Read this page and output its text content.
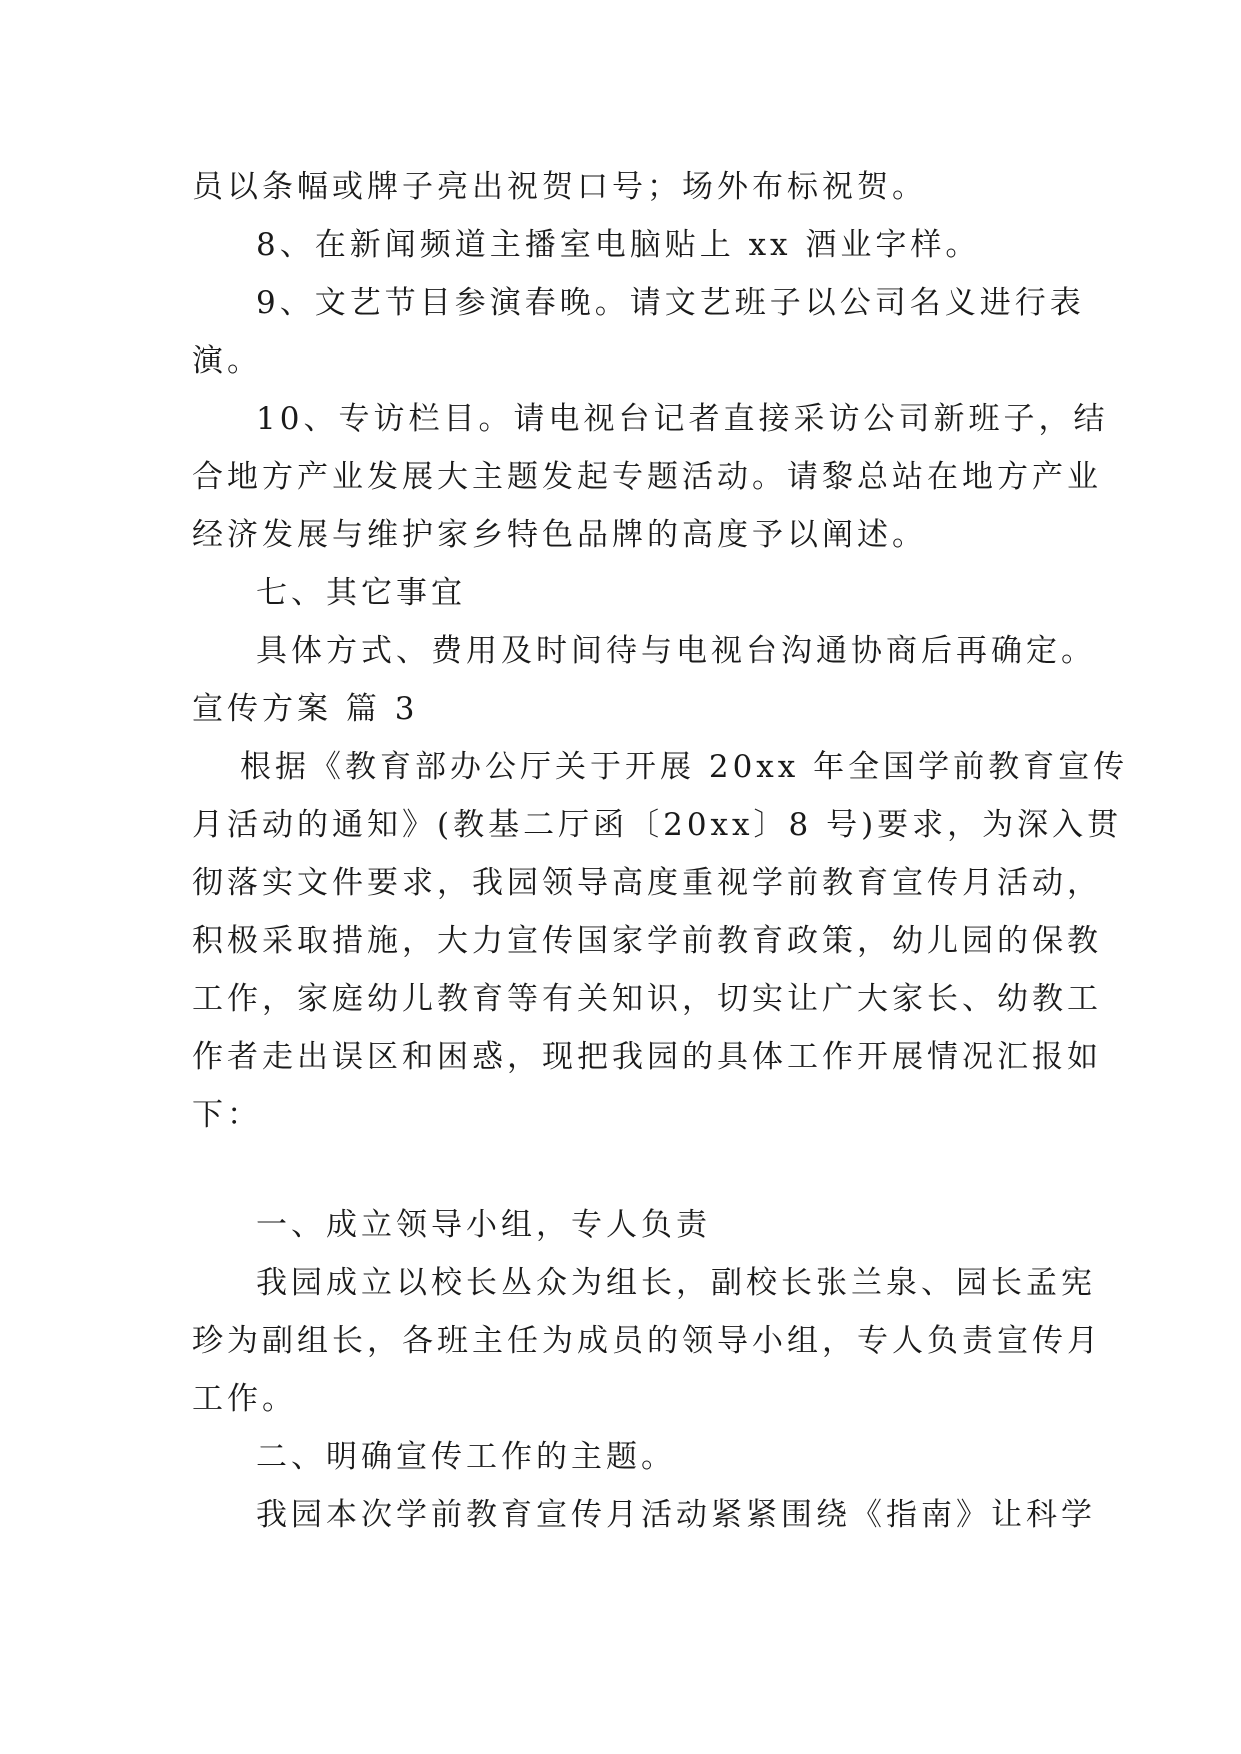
员以条幅或牌子亮出祝贺口号；场外布标祝贺。
8、在新闻频道主播室电脑贴上 xx 酒业字样。
9、文艺节目参演春晚。请文艺班子以公司名义进行表
演。
10、专访栏目。请电视台记者直接采访公司新班子，结
合地方产业发展大主题发起专题活动。请黎总站在地方产业
经济发展与维护家乡特色品牌的高度予以阐述。
七、其它事宜
具体方式、费用及时间待与电视台沟通协商后再确定。
宣传方案 篇 3
根据《教育部办公厅关于开展 20xx 年全国学前教育宣传
月活动的通知》(教基二厅函〔20xx〕8 号)要求，为深入贯
彻落实文件要求，我园领导高度重视学前教育宣传月活动，
积极采取措施，大力宣传国家学前教育政策，幼儿园的保教
工作，家庭幼儿教育等有关知识，切实让广大家长、幼教工
作者走出误区和困惑，现把我园的具体工作开展情况汇报如
下：
一、成立领导小组，专人负责
我园成立以校长丛众为组长，副校长张兰泉、园长孟宪
珍为副组长，各班主任为成员的领导小组，专人负责宣传月
工作。
二、明确宣传工作的主题。
我园本次学前教育宣传月活动紧紧围绕《指南》让科学
